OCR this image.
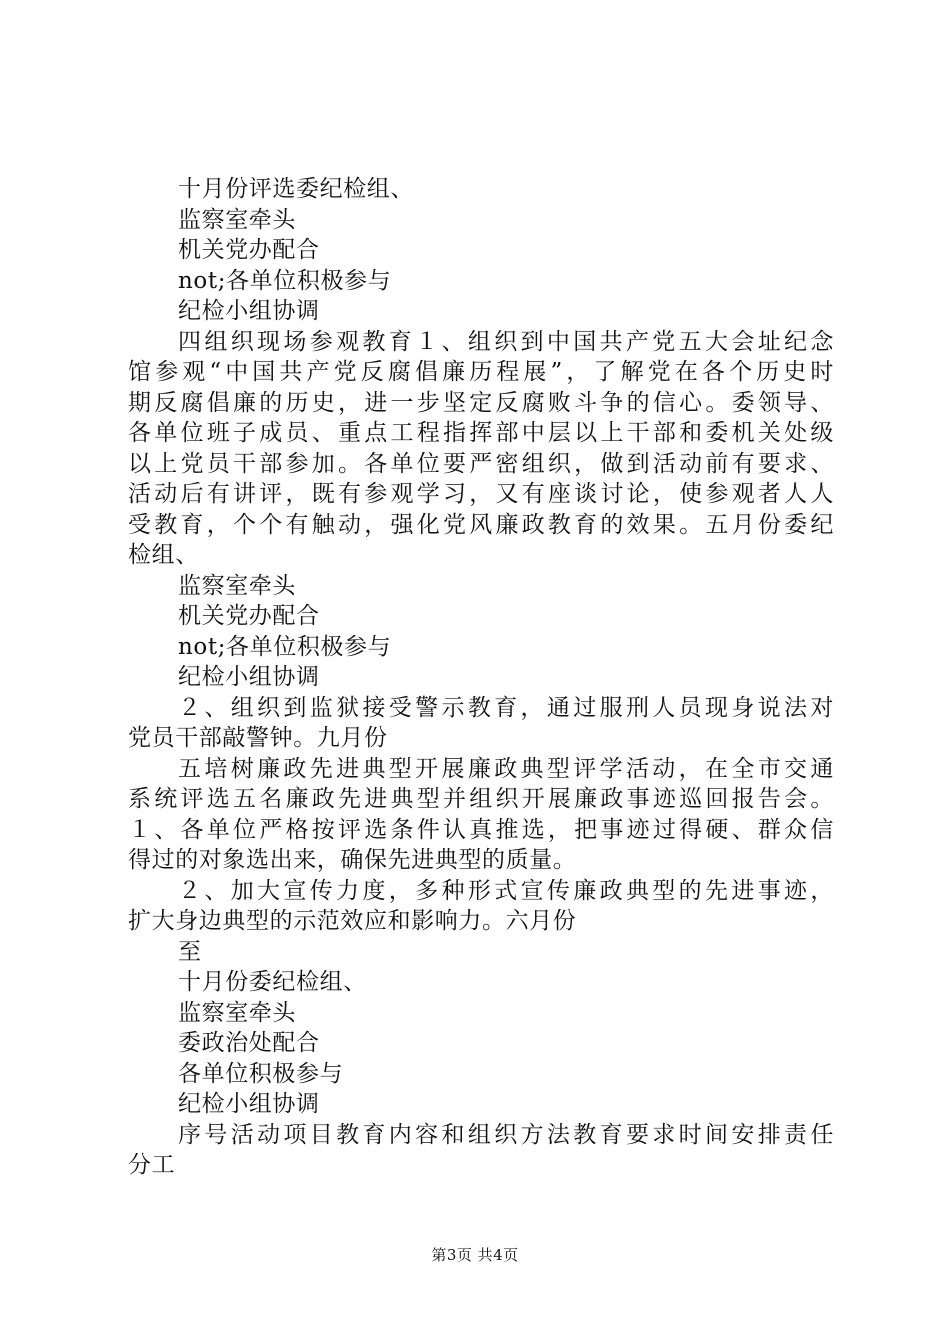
十月份评选委纪检组、
监察室牵头
机关党办配合
not;各单位积极参与
纪检小组协调
四组织现场参观教育１、组织到中国共产党五大会址纪念
馆参观“中国共产党反腐倡廉历程展”，了解党在各个历史时
期反腐倡廉的历史，进一步坚定反腐败斗争的信心。委领导、
各单位班子成员、重点工程指挥部中层以上干部和委机关处级
以上党员干部参加。各单位要严密组织，做到活动前有要求、
活动后有讲评，既有参观学习，又有座谈讨论，使参观者人人
受教育，个个有触动，强化党风廉政教育的效果。五月份委纪
检组、
监察室牵头
机关党办配合
not;各单位积极参与
纪检小组协调
２、组织到监狱接受警示教育，通过服刑人员现身说法对
党员干部敲警钟。九月份
五培树廉政先进典型开展廉政典型评学活动，在全市交通
系统评选五名廉政先进典型并组织开展廉政事迹巡回报告会。
１、各单位严格按评选条件认真推选，把事迹过得硬、群众信
得过的对象选出来，确保先进典型的质量。
２、加大宣传力度，多种形式宣传廉政典型的先进事迹，
扩大身边典型的示范效应和影响力。六月份
至
十月份委纪检组、
监察室牵头
委政治处配合
各单位积极参与
纪检小组协调
序号活动项目教育内容和组织方法教育要求时间安排责任
分工
第3页 共4页
